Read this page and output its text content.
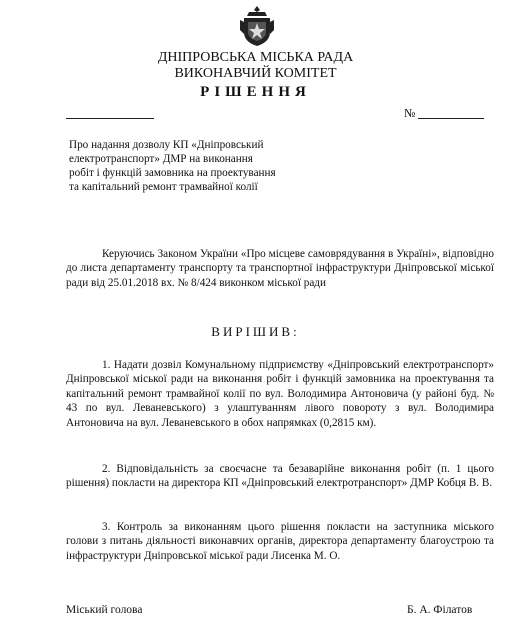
ДНІПРОВСЬКА МІСЬКА РАДА
ВИКОНАВЧИЙ КОМІТЕТ
РІШЕННЯ
№
Про надання дозволу КП «Дніпровський електротранспорт» ДМР на виконання робіт і функцій замовника на проектування та капітальний ремонт трамвайної колії
Керуючись Законом України «Про місцеве самоврядування в Україні», відповідно до листа департаменту транспорту та транспортної інфраструктури Дніпровської міської ради від 25.01.2018 вх. № 8/424 виконком міської ради
ВИРІШИВ:
1. Надати дозвіл Комунальному підприємству «Дніпровський електротранспорт» Дніпровської міської ради на виконання робіт і функцій замовника на проектування та капітальний ремонт трамвайної колії по вул. Володимира Антоновича (у районі буд. № 43 по вул. Леваневського) з улаштуванням лівого повороту з вул. Володимира Антоновича на вул. Леваневського в обох напрямках (0,2815 км).
2. Відповідальність за своєчасне та безаварійне виконання робіт (п. 1 цього рішення) покласти на директора КП «Дніпровський електротранспорт» ДМР Кобця В. В.
3. Контроль за виконанням цього рішення покласти на заступника міського голови з питань діяльності виконавчих органів, директора департаменту благоустрою та інфраструктури Дніпровської міської ради Лисенка М. О.
Міський голова	Б. А. Філатов
